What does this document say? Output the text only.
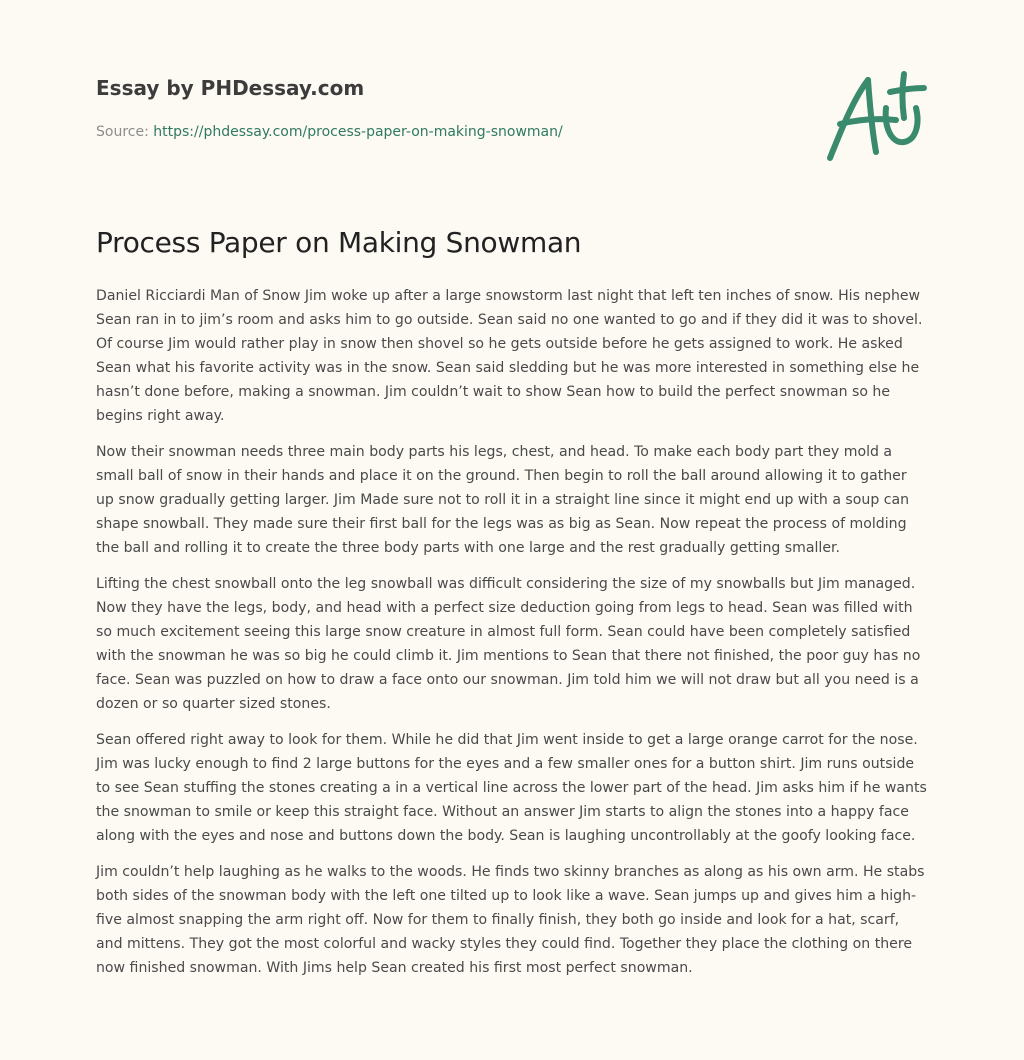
Essay by PHDessay.com
Source: https://phdessay.com/process-paper-on-making-snowman/
Process Paper on Making Snowman

Daniel Ricciardi Man of Snow Jim woke up after a large snowstorm last night that left ten inches of snow. His nephew Sean ran in to jim’s room and asks him to go outside. Sean said no one wanted to go and if they did it was to shovel. Of course Jim would rather play in snow then shovel so he gets outside before he gets assigned to work. He asked Sean what his favorite activity was in the snow. Sean said sledding but he was more interested in something else he hasn’t done before, making a snowman. Jim couldn’t wait to show Sean how to build the perfect snowman so he begins right away.

Now their snowman needs three main body parts his legs, chest, and head. To make each body part they mold a small ball of snow in their hands and place it on the ground. Then begin to roll the ball around allowing it to gather up snow gradually getting larger. Jim Made sure not to roll it in a straight line since it might end up with a soup can shape snowball. They made sure their first ball for the legs was as big as Sean. Now repeat the process of molding the ball and rolling it to create the three body parts with one large and the rest gradually getting smaller.

Lifting the chest snowball onto the leg snowball was difficult considering the size of my snowballs but Jim managed. Now they have the legs, body, and head with a perfect size deduction going from legs to head. Sean was filled with so much excitement seeing this large snow creature in almost full form. Sean could have been completely satisfied with the snowman he was so big he could climb it. Jim mentions to Sean that there not finished, the poor guy has no face. Sean was puzzled on how to draw a face onto our snowman. Jim told him we will not draw but all you need is a dozen or so quarter sized stones.

Sean offered right away to look for them. While he did that Jim went inside to get a large orange carrot for the nose. Jim was lucky enough to find 2 large buttons for the eyes and a few smaller ones for a button shirt. Jim runs outside to see Sean stuffing the stones creating a in a vertical line across the lower part of the head. Jim asks him if he wants the snowman to smile or keep this straight face. Without an answer Jim starts to align the stones into a happy face along with the eyes and nose and buttons down the body. Sean is laughing uncontrollably at the goofy looking face.

Jim couldn’t help laughing as he walks to the woods. He finds two skinny branches as along as his own arm. He stabs both sides of the snowman body with the left one tilted up to look like a wave. Sean jumps up and gives him a high-five almost snapping the arm right off. Now for them to finally finish, they both go inside and look for a hat, scarf, and mittens. They got the most colorful and wacky styles they could find. Together they place the clothing on there now finished snowman. With Jims help Sean created his first most perfect snowman.
